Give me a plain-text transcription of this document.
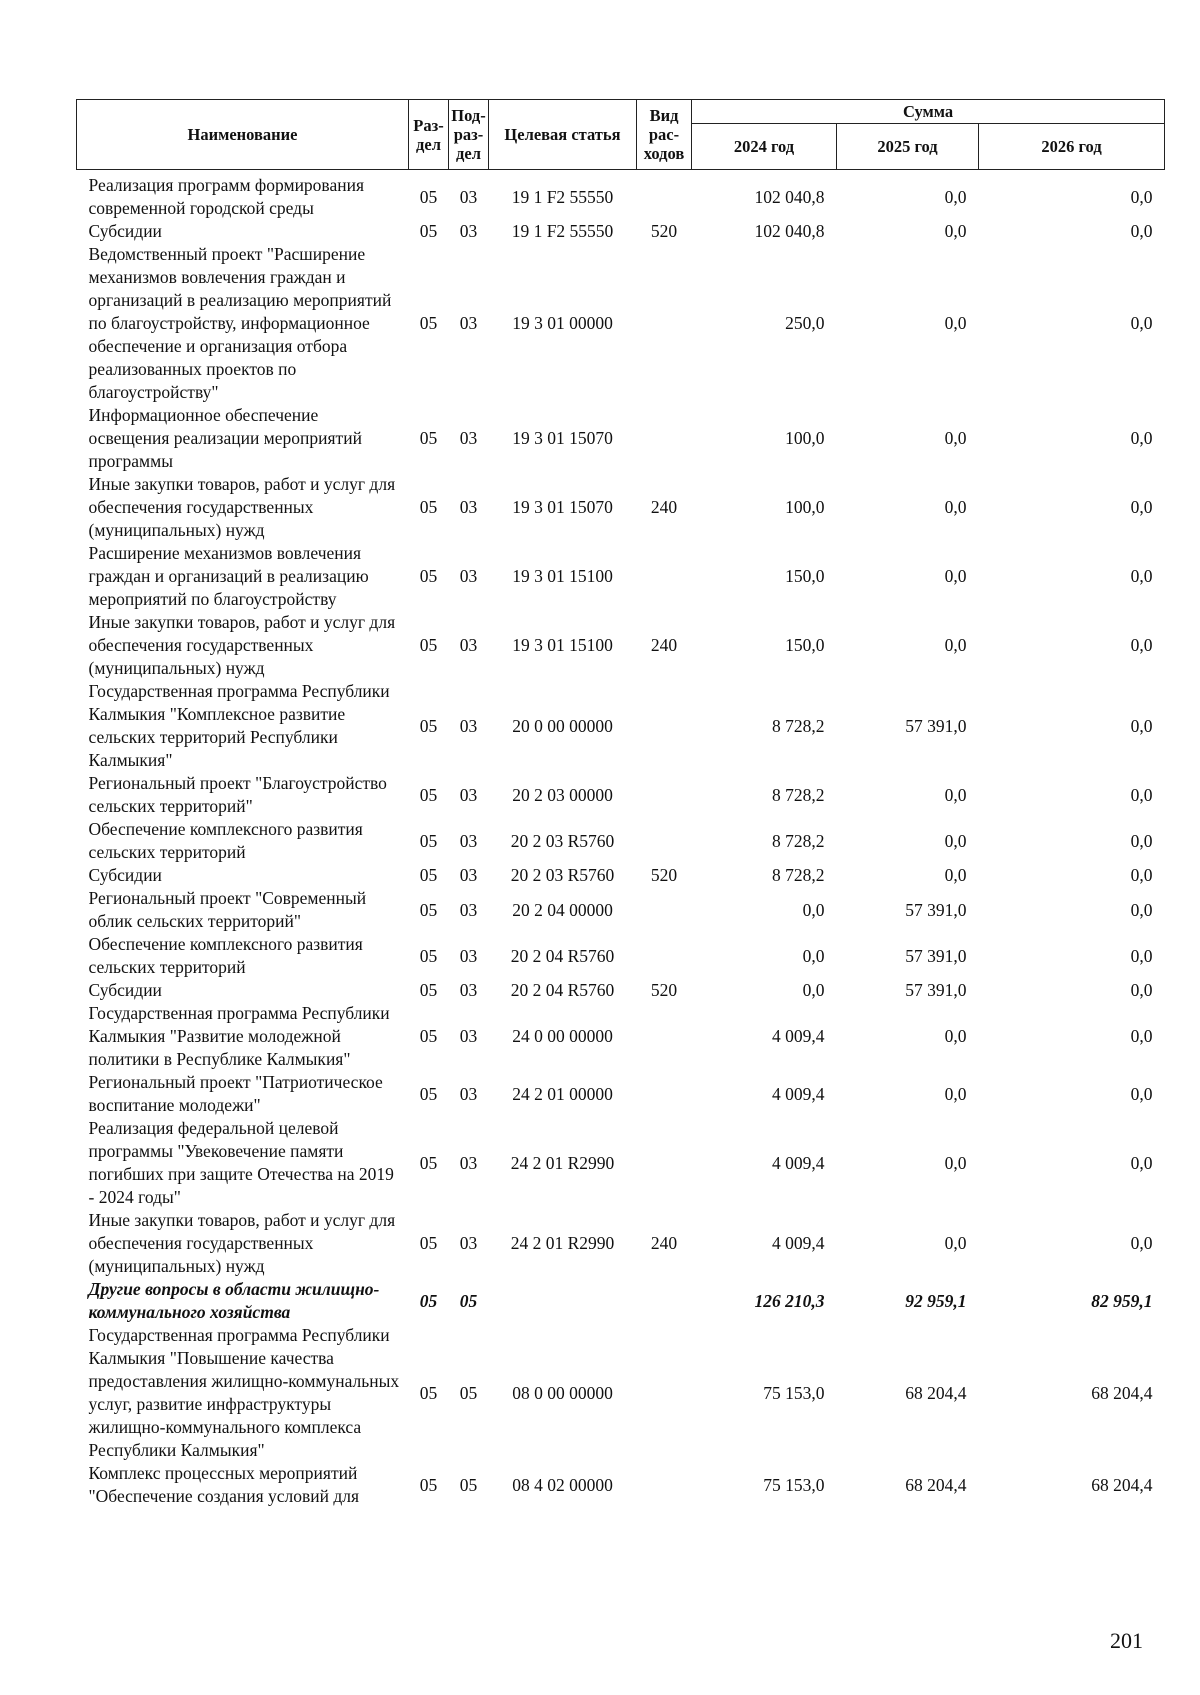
Наименование	Раз-дел	Под-раз-дел	Целевая статья	Вид рас-ходов	Сумма		
					2024 год	2025 год	2026 год
Реализация программ формирования современной городской среды	05	03	19 1 F2 55550		102 040,8	0,0	0,0
Субсидии	05	03	19 1 F2 55550	520	102 040,8	0,0	0,0
Ведомственный проект "Расширение механизмов вовлечения граждан и организаций в реализацию мероприятий по благоустройству, информационное обеспечение и организация отбора реализованных проектов по благоустройству"	05	03	19 3 01 00000		250,0	0,0	0,0
Информационное обеспечение освещения реализации мероприятий программы	05	03	19 3 01 15070		100,0	0,0	0,0
Иные закупки товаров, работ и услуг для обеспечения государственных (муниципальных) нужд	05	03	19 3 01 15070	240	100,0	0,0	0,0
Расширение механизмов вовлечения граждан и организаций в реализацию мероприятий по благоустройству	05	03	19 3 01 15100		150,0	0,0	0,0
Иные закупки товаров, работ и услуг для обеспечения государственных (муниципальных) нужд	05	03	19 3 01 15100	240	150,0	0,0	0,0
Государственная программа Республики Калмыкия "Комплексное развитие сельских территорий Республики Калмыкия"	05	03	20 0 00 00000		8 728,2	57 391,0	0,0
Региональный проект "Благоустройство сельских территорий"	05	03	20 2 03 00000		8 728,2	0,0	0,0
Обеспечение комплексного развития сельских территорий	05	03	20 2 03 R5760		8 728,2	0,0	0,0
Субсидии	05	03	20 2 03 R5760	520	8 728,2	0,0	0,0
Региональный проект "Современный облик сельских территорий"	05	03	20 2 04 00000		0,0	57 391,0	0,0
Обеспечение комплексного развития сельских территорий	05	03	20 2 04 R5760		0,0	57 391,0	0,0
Субсидии	05	03	20 2 04 R5760	520	0,0	57 391,0	0,0
Государственная программа Республики Калмыкия "Развитие молодежной политики в Республике Калмыкия"	05	03	24 0 00 00000		4 009,4	0,0	0,0
Региональный проект "Патриотическое воспитание молодежи"	05	03	24 2 01 00000		4 009,4	0,0	0,0
Реализация федеральной целевой программы "Увековечение памяти погибших при защите Отечества на 2019 - 2024 годы"	05	03	24 2 01 R2990		4 009,4	0,0	0,0
Иные закупки товаров, работ и услуг для обеспечения государственных (муниципальных) нужд	05	03	24 2 01 R2990	240	4 009,4	0,0	0,0
Другие вопросы в области жилищно-коммунального хозяйства	05	05			126 210,3	92 959,1	82 959,1
Государственная программа Республики Калмыкия "Повышение качества предоставления жилищно-коммунальных услуг, развитие инфраструктуры жилищно-коммунального комплекса Республики Калмыкия"	05	05	08 0 00 00000		75 153,0	68 204,4	68 204,4
Комплекс процессных мероприятий "Обеспечение создания условий для	05	05	08 4 02 00000		75 153,0	68 204,4	68 204,4
201
